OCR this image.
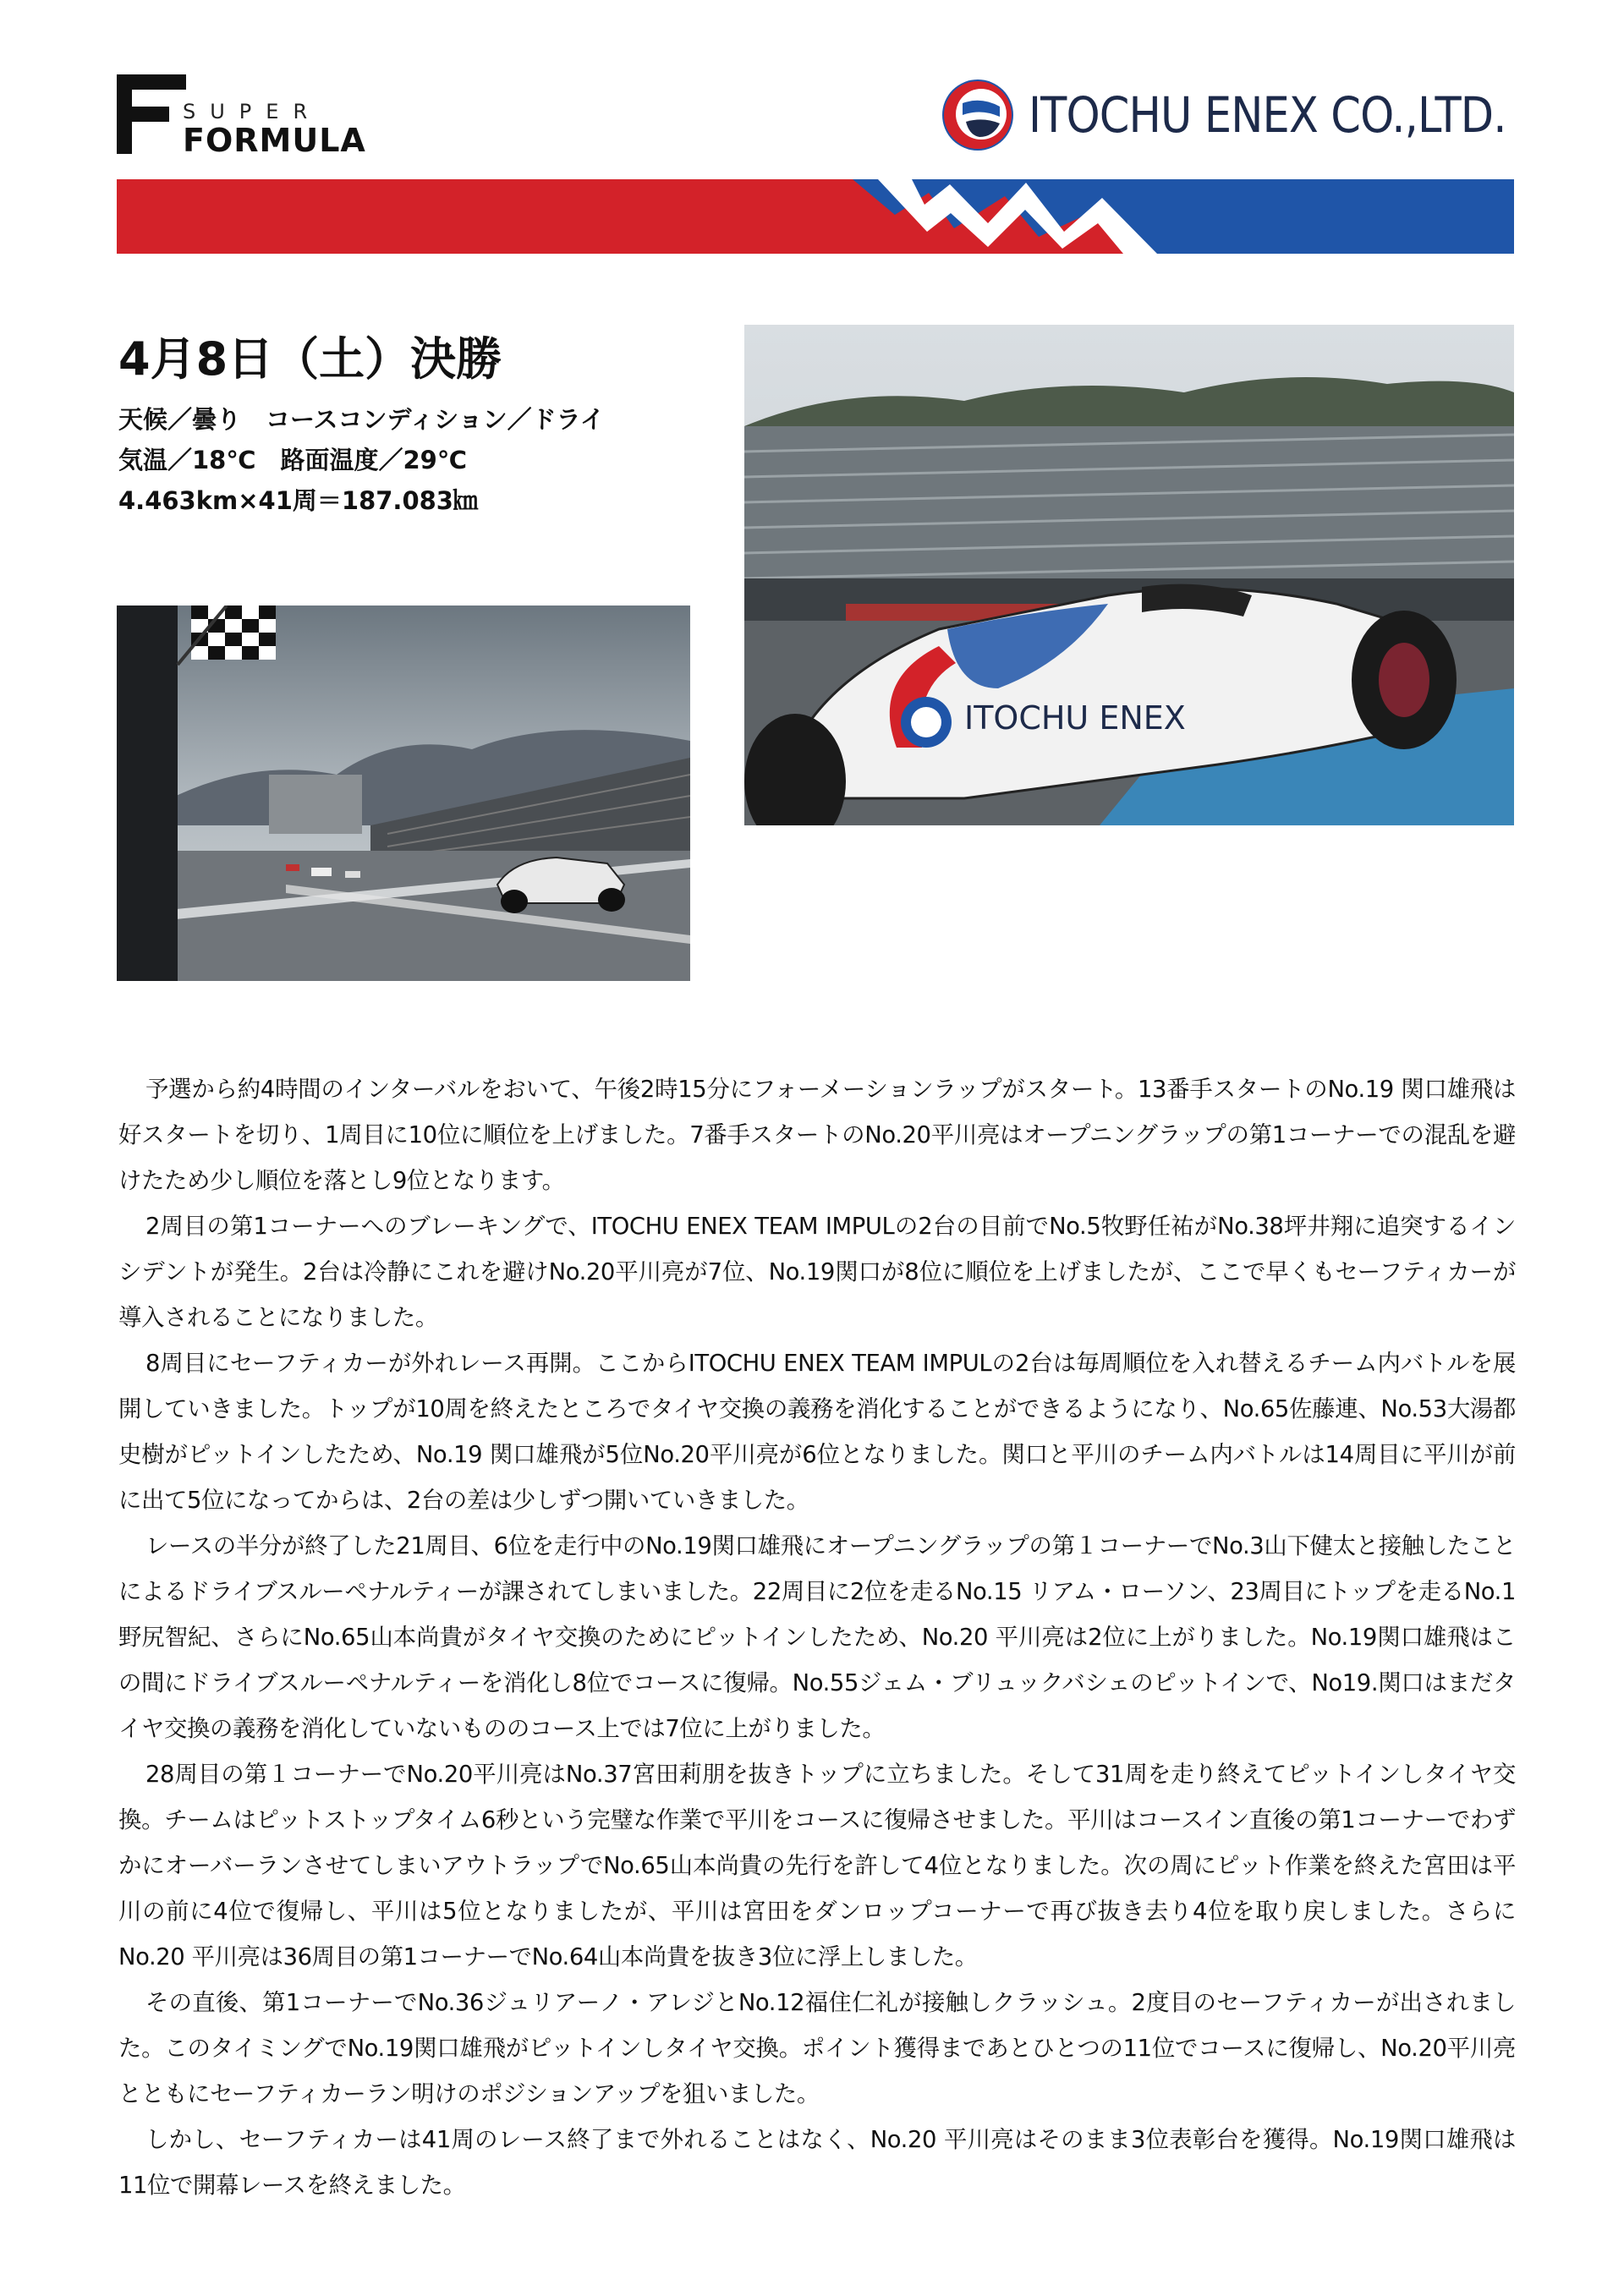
SUPER
FORMULA	ITOCHU ENEX CO.,LTD.
4月8日（土）決勝
天候／曇り　コースコンディション／ドライ
気温／18℃　路面温度／29℃
4.463km×41周＝187.083㎞
ITOCHU ENEX

予選から約4時間のインターバルをおいて、午後2時15分にフォーメーションラップがスタート。13番手スタートのNo.19 関口雄飛は好スタートを切り、1周目に10位に順位を上げました。7番手スタートのNo.20平川亮はオープニングラップの第1コーナーでの混乱を避けたため少し順位を落とし9位となります。

2周目の第1コーナーへのブレーキングで、ITOCHU ENEX TEAM IMPULの2台の目前でNo.5牧野任祐がNo.38坪井翔に追突するインシデントが発生。2台は冷静にこれを避けNo.20平川亮が7位、No.19関口が8位に順位を上げましたが、ここで早くもセーフティカーが導入されることになりました。

8周目にセーフティカーが外れレース再開。ここからITOCHU ENEX TEAM IMPULの2台は毎周順位を入れ替えるチーム内バトルを展開していきました。トップが10周を終えたところでタイヤ交換の義務を消化することができるようになり、No.65佐藤連、No.53大湯都史樹がピットインしたため、No.19 関口雄飛が5位No.20平川亮が6位となりました。関口と平川のチーム内バトルは14周目に平川が前に出て5位になってからは、2台の差は少しずつ開いていきました。

レースの半分が終了した21周目、6位を走行中のNo.19関口雄飛にオープニングラップの第１コーナーでNo.3山下健太と接触したことによるドライブスルーペナルティーが課されてしまいました。22周目に2位を走るNo.15 リアム・ローソン、23周目にトップを走るNo.1野尻智紀、さらにNo.65山本尚貴がタイヤ交換のためにピットインしたため、No.20 平川亮は2位に上がりました。No.19関口雄飛はこの間にドライブスルーペナルティーを消化し8位でコースに復帰。No.55ジェム・ブリュックバシェのピットインで、No19.関口はまだタイヤ交換の義務を消化していないもののコース上では7位に上がりました。

28周目の第１コーナーでNo.20平川亮はNo.37宮田莉朋を抜きトップに立ちました。そして31周を走り終えてピットインしタイヤ交換。チームはピットストップタイム6秒という完璧な作業で平川をコースに復帰させました。平川はコースイン直後の第1コーナーでわずかにオーバーランさせてしまいアウトラップでNo.65山本尚貴の先行を許して4位となりました。次の周にピット作業を終えた宮田は平川の前に4位で復帰し、平川は5位となりましたが、平川は宮田をダンロップコーナーで再び抜き去り4位を取り戻しました。さらにNo.20 平川亮は36周目の第1コーナーでNo.64山本尚貴を抜き3位に浮上しました。

その直後、第1コーナーでNo.36ジュリアーノ・アレジとNo.12福住仁礼が接触しクラッシュ。2度目のセーフティカーが出されました。このタイミングでNo.19関口雄飛がピットインしタイヤ交換。ポイント獲得まであとひとつの11位でコースに復帰し、No.20平川亮とともにセーフティカーラン明けのポジションアップを狙いました。

しかし、セーフティカーは41周のレース終了まで外れることはなく、No.20 平川亮はそのまま3位表彰台を獲得。No.19関口雄飛は11位で開幕レースを終えました。
